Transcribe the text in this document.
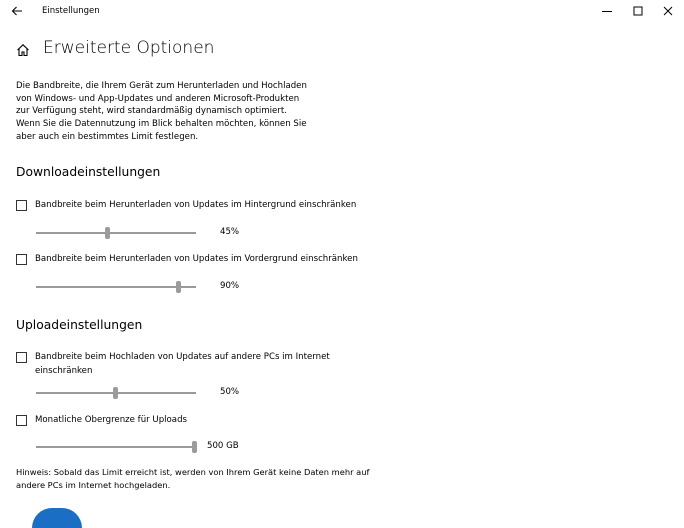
Einstellungen
Erweiterte Optionen
Die Bandbreite, die Ihrem Gerät zum Herunterladen und Hochladen
von Windows- und App-Updates und anderen Microsoft-Produkten
zur Verfügung steht, wird standardmäßig dynamisch optimiert.
Wenn Sie die Datennutzung im Blick behalten möchten, können Sie
aber auch ein bestimmtes Limit festlegen.
Downloadeinstellungen
Bandbreite beim Herunterladen von Updates im Hintergrund einschränken
45%
Bandbreite beim Herunterladen von Updates im Vordergrund einschränken
90%
Uploadeinstellungen
Bandbreite beim Hochladen von Updates auf andere PCs im Internet
einschränken
50%
Monatliche Obergrenze für Uploads
500 GB
Hinweis: Sobald das Limit erreicht ist, werden von Ihrem Gerät keine Daten mehr auf
andere PCs im Internet hochgeladen.
